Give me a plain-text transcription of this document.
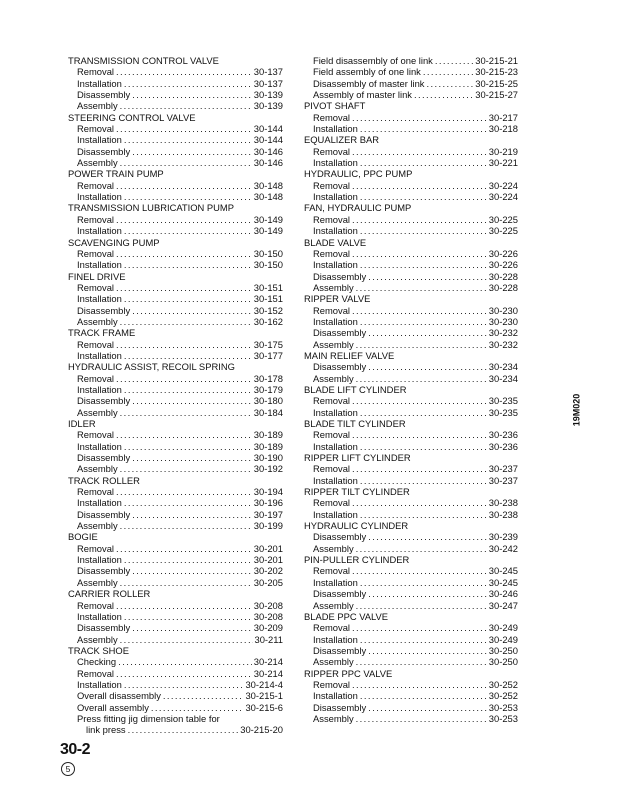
TRANSMISSION CONTROL VALVE
Removal . . .	30-137
Installation . . .	30-137
Disassembly . . .	30-139
Assembly . . .	30-139
STEERING CONTROL VALVE
Removal . . .	30-144
Installation . . .	30-144
Disassembly . . .	30-146
Assembly . . .	30-146
POWER TRAIN PUMP
Removal . . .	30-148
Installation . . .	30-148
TRANSMISSION LUBRICATION PUMP
Removal . . .	30-149
Installation . . .	30-149
SCAVENGING PUMP
Removal . . .	30-150
Installation . . .	30-150
FINEL DRIVE
Removal . . .	30-151
Installation . . .	30-151
Disassembly . . .	30-152
Assembly . . .	30-162
TRACK FRAME
Removal . . .	30-175
Installation . . .	30-177
HYDRAULIC ASSIST, RECOIL SPRING
Removal . . .	30-178
Installation . . .	30-179
Disassembly . . .	30-180
Assembly . . .	30-184
IDLER
Removal . . .	30-189
Installation . . .	30-189
Disassembly . . .	30-190
Assembly . . .	30-192
TRACK ROLLER
Removal . . .	30-194
Installation . . .	30-196
Disassembly . . .	30-197
Assembly . . .	30-199
BOGIE
Removal . . .	30-201
Installation . . .	30-201
Disassembly . . .	30-202
Assembly . . .	30-205
CARRIER ROLLER
Removal . . .	30-208
Installation . . .	30-208
Disassembly . . .	30-209
Assembly . . .	30-211
TRACK SHOE
Checking . . .	30-214
Removal . . .	30-214
Installation . . .	30-214-4
Overall disassembly . . .	30-215-1
Overall assembly . . .	30-215-6
Press fitting jig dimension table for
link press . . .	30-215-20
Field disassembly of one link . . .	30-215-21
Field assembly of one link . . .	30-215-23
Disassembly of master link . . .	30-215-25
Assembly of master link . . .	30-215-27
PIVOT SHAFT
Removal . . .	30-217
Installation . . .	30-218
EQUALIZER BAR
Removal . . .	30-219
Installation . . .	30-221
HYDRAULIC, PPC PUMP
Removal . . .	30-224
Installation . . .	30-224
FAN, HYDRAULIC PUMP
Removal . . .	30-225
Installation . . .	30-225
BLADE VALVE
Removal . . .	30-226
Installation . . .	30-226
Disassembly . . .	30-228
Assembly . . .	30-228
RIPPER VALVE
Removal . . .	30-230
Installation . . .	30-230
Disassembly . . .	30-232
Assembly . . .	30-232
MAIN RELIEF VALVE
Disassembly . . .	30-234
Assembly . . .	30-234
BLADE LIFT CYLINDER
Removal . . .	30-235
Installation . . .	30-235
BLADE TILT CYLINDER
Removal . . .	30-236
Installation . . .	30-236
RIPPER LIFT CYLINDER
Removal . . .	30-237
Installation . . .	30-237
RIPPER TILT CYLINDER
Removal . . .	30-238
Installation . . .	30-238
HYDRAULIC CYLINDER
Disassembly . . .	30-239
Assembly . . .	30-242
PIN-PULLER CYLINDER
Removal . . .	30-245
Installation . . .	30-245
Disassembly . . .	30-246
Assembly . . .	30-247
BLADE PPC VALVE
Removal . . .	30-249
Installation . . .	30-249
Disassembly . . .	30-250
Assembly . . .	30-250
RIPPER PPC VALVE
Removal . . .	30-252
Installation . . .	30-252
Disassembly . . .	30-253
Assembly . . .	30-253
30-2
5
19M020
